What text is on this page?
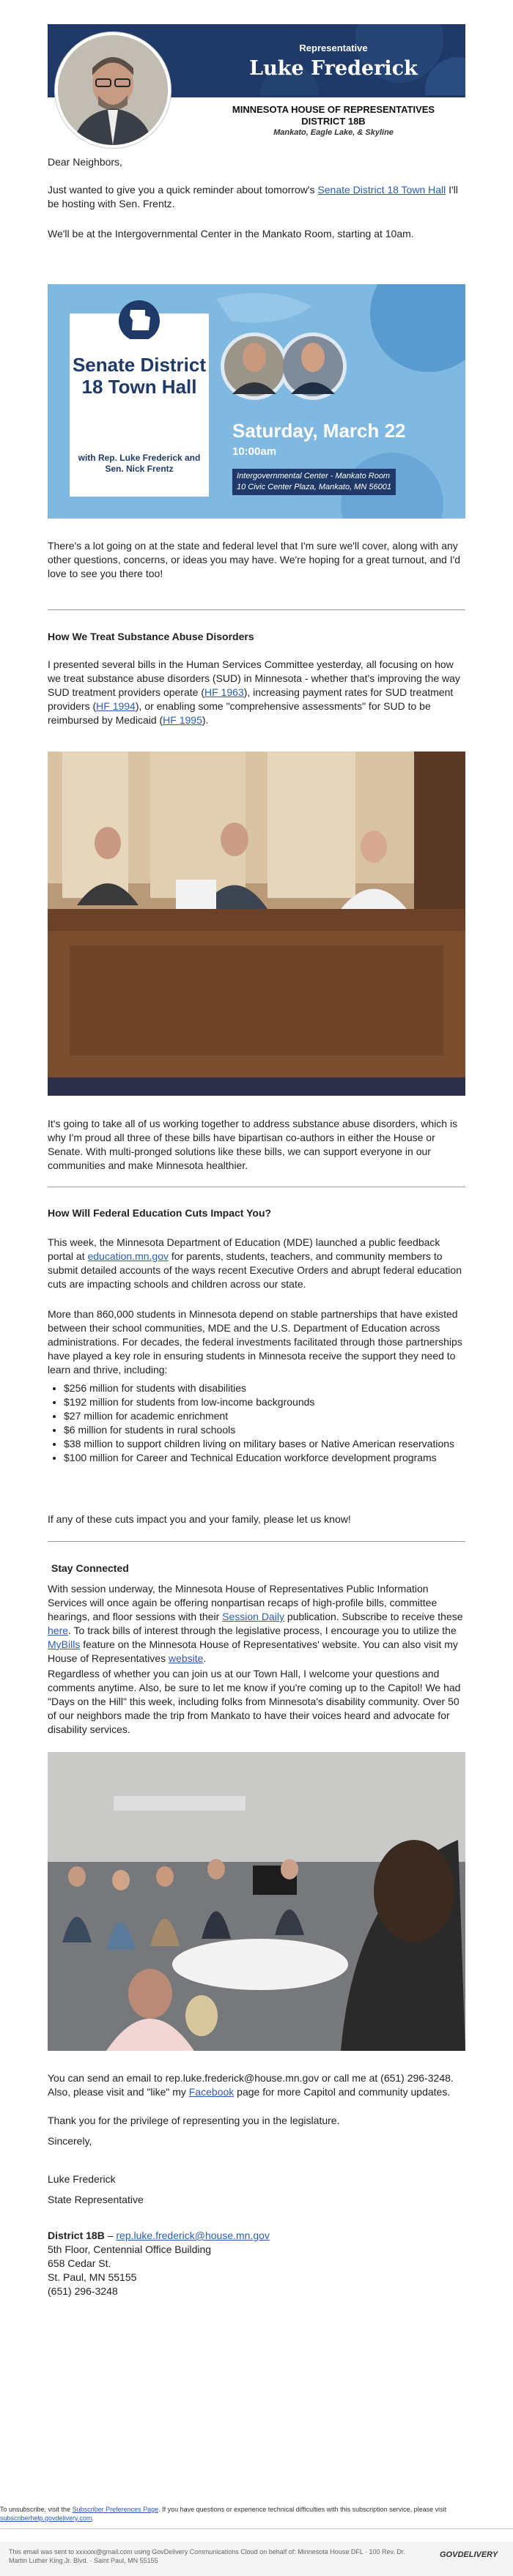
Representative
Luke Frederick
MINNESOTA HOUSE OF REPRESENTATIVES
DISTRICT 18B
Mankato, Eagle Lake, & Skyline

Dear Neighbors,

Just wanted to give you a quick reminder about tomorrow's Senate District 18 Town Hall I'll be hosting with Sen. Frentz.

We'll be at the Intergovernmental Center in the Mankato Room, starting at 10am.

Senate District 18 Town Hall
with Rep. Luke Frederick and Sen. Nick Frentz
Saturday, March 22
10:00am
Intergovernmental Center - Mankato Room
10 Civic Center Plaza, Mankato, MN 56001

There's a lot going on at the state and federal level that I'm sure we'll cover, along with any other questions, concerns, or ideas you may have. We're hoping for a great turnout, and I'd love to see you there too!

How We Treat Substance Abuse Disorders

I presented several bills in the Human Services Committee yesterday, all focusing on how we treat substance abuse disorders (SUD) in Minnesota - whether that's improving the way SUD treatment providers operate (HF 1963), increasing payment rates for SUD treatment providers (HF 1994), or enabling some "comprehensive assessments" for SUD to be reimbursed by Medicaid (HF 1995).

It's going to take all of us working together to address substance abuse disorders, which is why I'm proud all three of these bills have bipartisan co-authors in either the House or Senate. With multi-pronged solutions like these bills, we can support everyone in our communities and make Minnesota healthier.

How Will Federal Education Cuts Impact You?

This week, the Minnesota Department of Education (MDE) launched a public feedback portal at education.mn.gov for parents, students, teachers, and community members to submit detailed accounts of the ways recent Executive Orders and abrupt federal education cuts are impacting schools and children across our state.

More than 860,000 students in Minnesota depend on stable partnerships that have existed between their school communities, MDE and the U.S. Department of Education across administrations. For decades, the federal investments facilitated through those partnerships have played a key role in ensuring students in Minnesota receive the support they need to learn and thrive, including:

• $256 million for students with disabilities
• $192 million for students from low-income backgrounds
• $27 million for academic enrichment
• $6 million for students in rural schools
• $38 million to support children living on military bases or Native American reservations
• $100 million for Career and Technical Education workforce development programs

If any of these cuts impact you and your family, please let us know!

Stay Connected

With session underway, the Minnesota House of Representatives Public Information Services will once again be offering nonpartisan recaps of high-profile bills, committee hearings, and floor sessions with their Session Daily publication. Subscribe to receive these here. To track bills of interest through the legislative process, I encourage you to utilize the MyBills feature on the Minnesota House of Representatives' website. You can also visit my House of Representatives website.

Regardless of whether you can join us at our Town Hall, I welcome your questions and comments anytime. Also, be sure to let me know if you're coming up to the Capitol! We had "Days on the Hill" this week, including folks from Minnesota's disability community. Over 50 of our neighbors made the trip from Mankato to have their voices heard and advocate for disability services.

You can send an email to rep.luke.frederick@house.mn.gov or call me at (651) 296-3248. Also, please visit and "like" my Facebook page for more Capitol and community updates.

Thank you for the privilege of representing you in the legislature.

Sincerely,

Luke Frederick

State Representative

District 18B – rep.luke.frederick@house.mn.gov

5th Floor, Centennial Office Building

658 Cedar St.

St. Paul, MN 55155

(651) 296-3248

To unsubscribe, visit the Subscriber Preferences Page. If you have questions or experience technical difficulties with this subscription service, please visit subscriberhelp.govdelivery.com.

This email was sent to xxxxxx@gmail.com using GovDelivery Communications Cloud on behalf of: Minnesota House DFL · 100 Rev. Dr. Martin Luther King Jr. Blvd. · Saint Paul, MN 55155

GOVDELIVERY
